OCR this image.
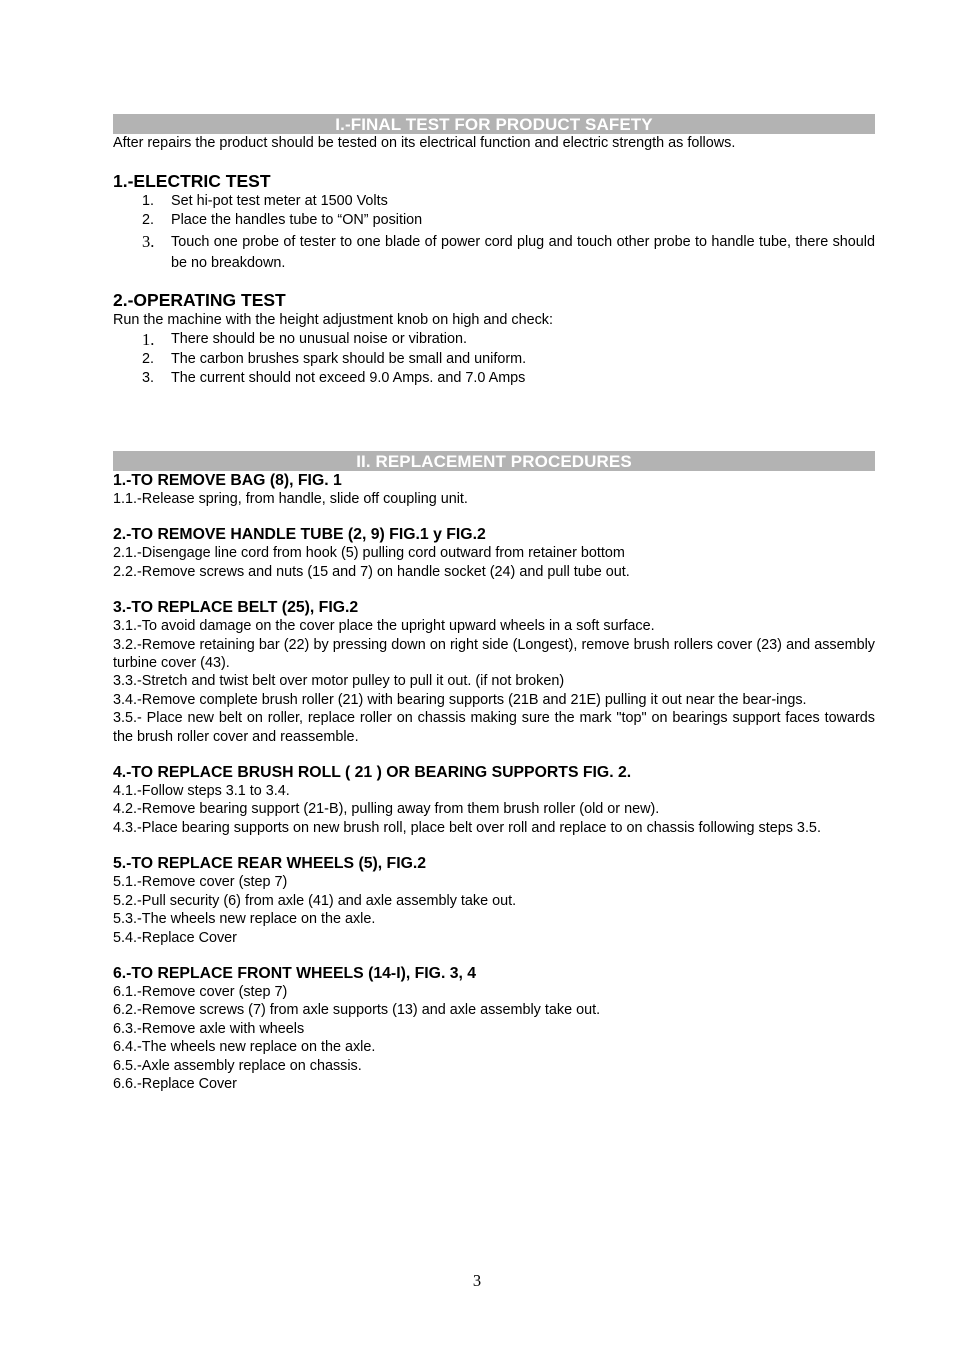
I.-FINAL TEST FOR PRODUCT SAFETY

After repairs the product should be tested on its electrical function and electric strength as follows.

1.-ELECTRIC TEST
1. Set hi-pot test meter at 1500 Volts
2. Place the handles tube to “ON” position
3. Touch one probe of tester to one blade of power cord plug and touch other probe to handle tube, there should be no breakdown.
2.-OPERATING TEST

Run the machine with the height adjustment knob on high and check:

1. There should be no unusual noise or vibration.
2. The carbon brushes spark should be small and uniform.
3. The current should not exceed 9.0 Amps. and 7.0 Amps
II. REPLACEMENT PROCEDURES
1.-TO REMOVE BAG (8), FIG. 1

1.1.-Release spring, from handle, slide off coupling unit.

2.-TO REMOVE HANDLE TUBE (2, 9) FIG.1 y FIG.2

2.1.-Disengage line cord from hook (5) pulling cord outward from retainer bottom

2.2.-Remove screws and nuts (15 and 7) on handle socket (24) and pull tube out.

3.-TO REPLACE BELT (25), FIG.2

3.1.-To avoid damage on the cover place the upright upward wheels in a soft surface.

3.2.-Remove retaining bar (22) by pressing down on right side (Longest), remove brush rollers cover (23) and assembly turbine cover (43).

3.3.-Stretch and twist belt over motor pulley to pull it out. (if not broken)

3.4.-Remove complete brush roller (21) with bearing supports (21B and 21E) pulling it out near the bear-ings.

3.5.- Place new belt on roller, replace roller on chassis making sure the mark "top" on bearings support faces towards the brush roller cover and reassemble.

4.-TO REPLACE BRUSH ROLL ( 21 ) OR BEARING SUPPORTS FIG. 2.

4.1.-Follow steps 3.1 to 3.4.

4.2.-Remove bearing support (21-B), pulling away from them brush roller (old or new).

4.3.-Place bearing supports on new brush roll, place belt over roll and replace to on chassis following steps 3.5.

5.-TO REPLACE REAR WHEELS (5), FIG.2

5.1.-Remove cover (step 7)

5.2.-Pull security (6) from axle (41) and axle assembly take out.

5.3.-The wheels new replace on the axle.

5.4.-Replace Cover

6.-TO REPLACE FRONT WHEELS (14-I), FIG. 3, 4

6.1.-Remove cover (step 7)

6.2.-Remove screws (7) from axle supports (13) and axle assembly take out.

6.3.-Remove axle with wheels

6.4.-The wheels new replace on the axle.

6.5.-Axle assembly replace on chassis.

6.6.-Replace Cover

3
